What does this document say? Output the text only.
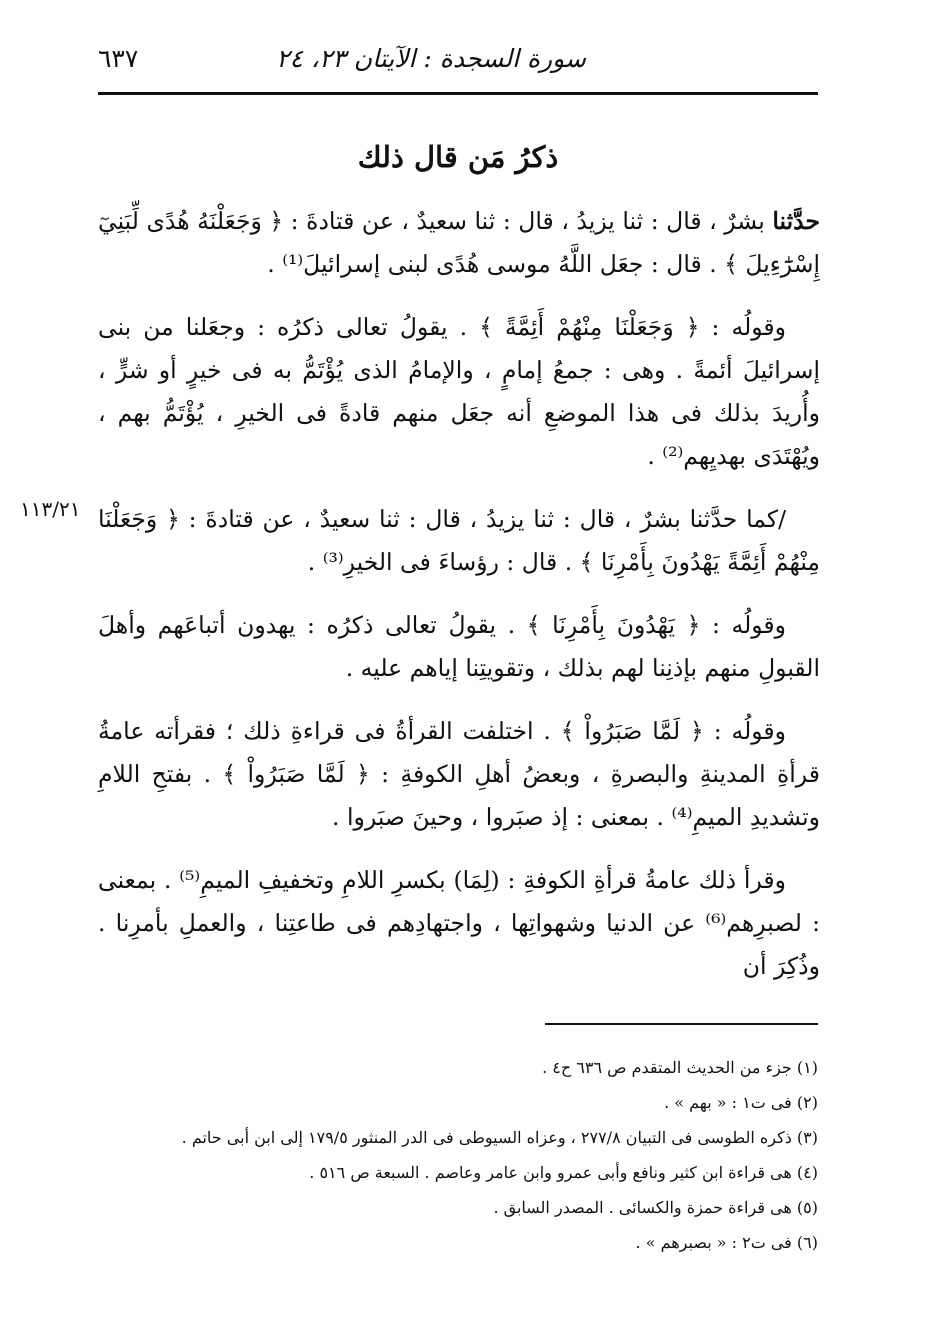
٦٣٧	سورة السجدة : الآيتان ٢٣، ٢٤
ذكرُ مَن قال ذلك
١١٣/٢١

حدَّثنا بشرٌ ، قال : ثنا يزيدُ ، قال : ثنا سعيدٌ ، عن قتادةَ : ﴿ وَجَعَلْنَهُ هُدًى لِّبَنِيٓ إِسْرَٰٓءِيلَ ﴾ . قال : جعَل اللَّهُ موسى هُدًى لبنى إسرائيلَ⁽¹⁾ .

وقولُه : ﴿ وَجَعَلْنَا مِنْهُمْ أَئِمَّةً ﴾ . يقولُ تعالى ذكرُه : وجعَلنا من بنى إسرائيلَ أئمةً . وهى : جمعُ إمامٍ ، والإمامُ الذى يُؤْتَمُّ به فى خيرٍ أو شرٍّ ، وأُريدَ بذلك فى هذا الموضعِ أنه جعَل منهم قادةً فى الخيرِ ، يُؤْتَمُّ بهم ، ويُهْتَدَى بهديِهم⁽²⁾ .

/كما حدَّثنا بشرٌ ، قال : ثنا يزيدُ ، قال : ثنا سعيدٌ ، عن قتادةَ : ﴿ وَجَعَلْنَا مِنْهُمْ أَئِمَّةً يَهْدُونَ بِأَمْرِنَا ﴾ . قال : رؤساءَ فى الخيرِ⁽³⁾ .

وقولُه : ﴿ يَهْدُونَ بِأَمْرِنَا ﴾ . يقولُ تعالى ذكرُه : يهدون أتباعَهم وأهلَ القبولِ منهم بإذنِنا لهم بذلك ، وتقويتِنا إياهم عليه .

وقولُه : ﴿ لَمَّا صَبَرُواْ ﴾ . اختلفت القرأةُ فى قراءةِ ذلك ؛ فقرأته عامةُ قرأةِ المدينةِ والبصرةِ ، وبعضُ أهلِ الكوفةِ : ﴿ لَمَّا صَبَرُواْ ﴾ . بفتحِ اللامِ وتشديدِ الميمِ⁽⁴⁾ . بمعنى : إذ صبَروا ، وحينَ صبَروا .

وقرأ ذلك عامةُ قرأةِ الكوفةِ : (لِمَا) بكسرِ اللامِ وتخفيفِ الميمِ⁽⁵⁾ . بمعنى : لصبرِهم⁽⁶⁾ عن الدنيا وشهواتِها ، واجتهادِهم فى طاعتِنا ، والعملِ بأمرِنا . وذُكِرَ أن

(١) جزء من الحديث المتقدم ص ٦٣٦ ح٤ .
(٢) فى ت١ : « بهم » .
(٣) ذكره الطوسى فى التبيان ٢٧٧/٨ ، وعزاه السيوطى فى الدر المنثور ١٧٩/٥ إلى ابن أبى حاتم .
(٤) هى قراءة ابن كثير ونافع وأبى عمرو وابن عامر وعاصم . السبعة ص ٥١٦ .
(٥) هى قراءة حمزة والكسائى . المصدر السابق .
(٦) فى ت٢ : « بصبرهم » .
